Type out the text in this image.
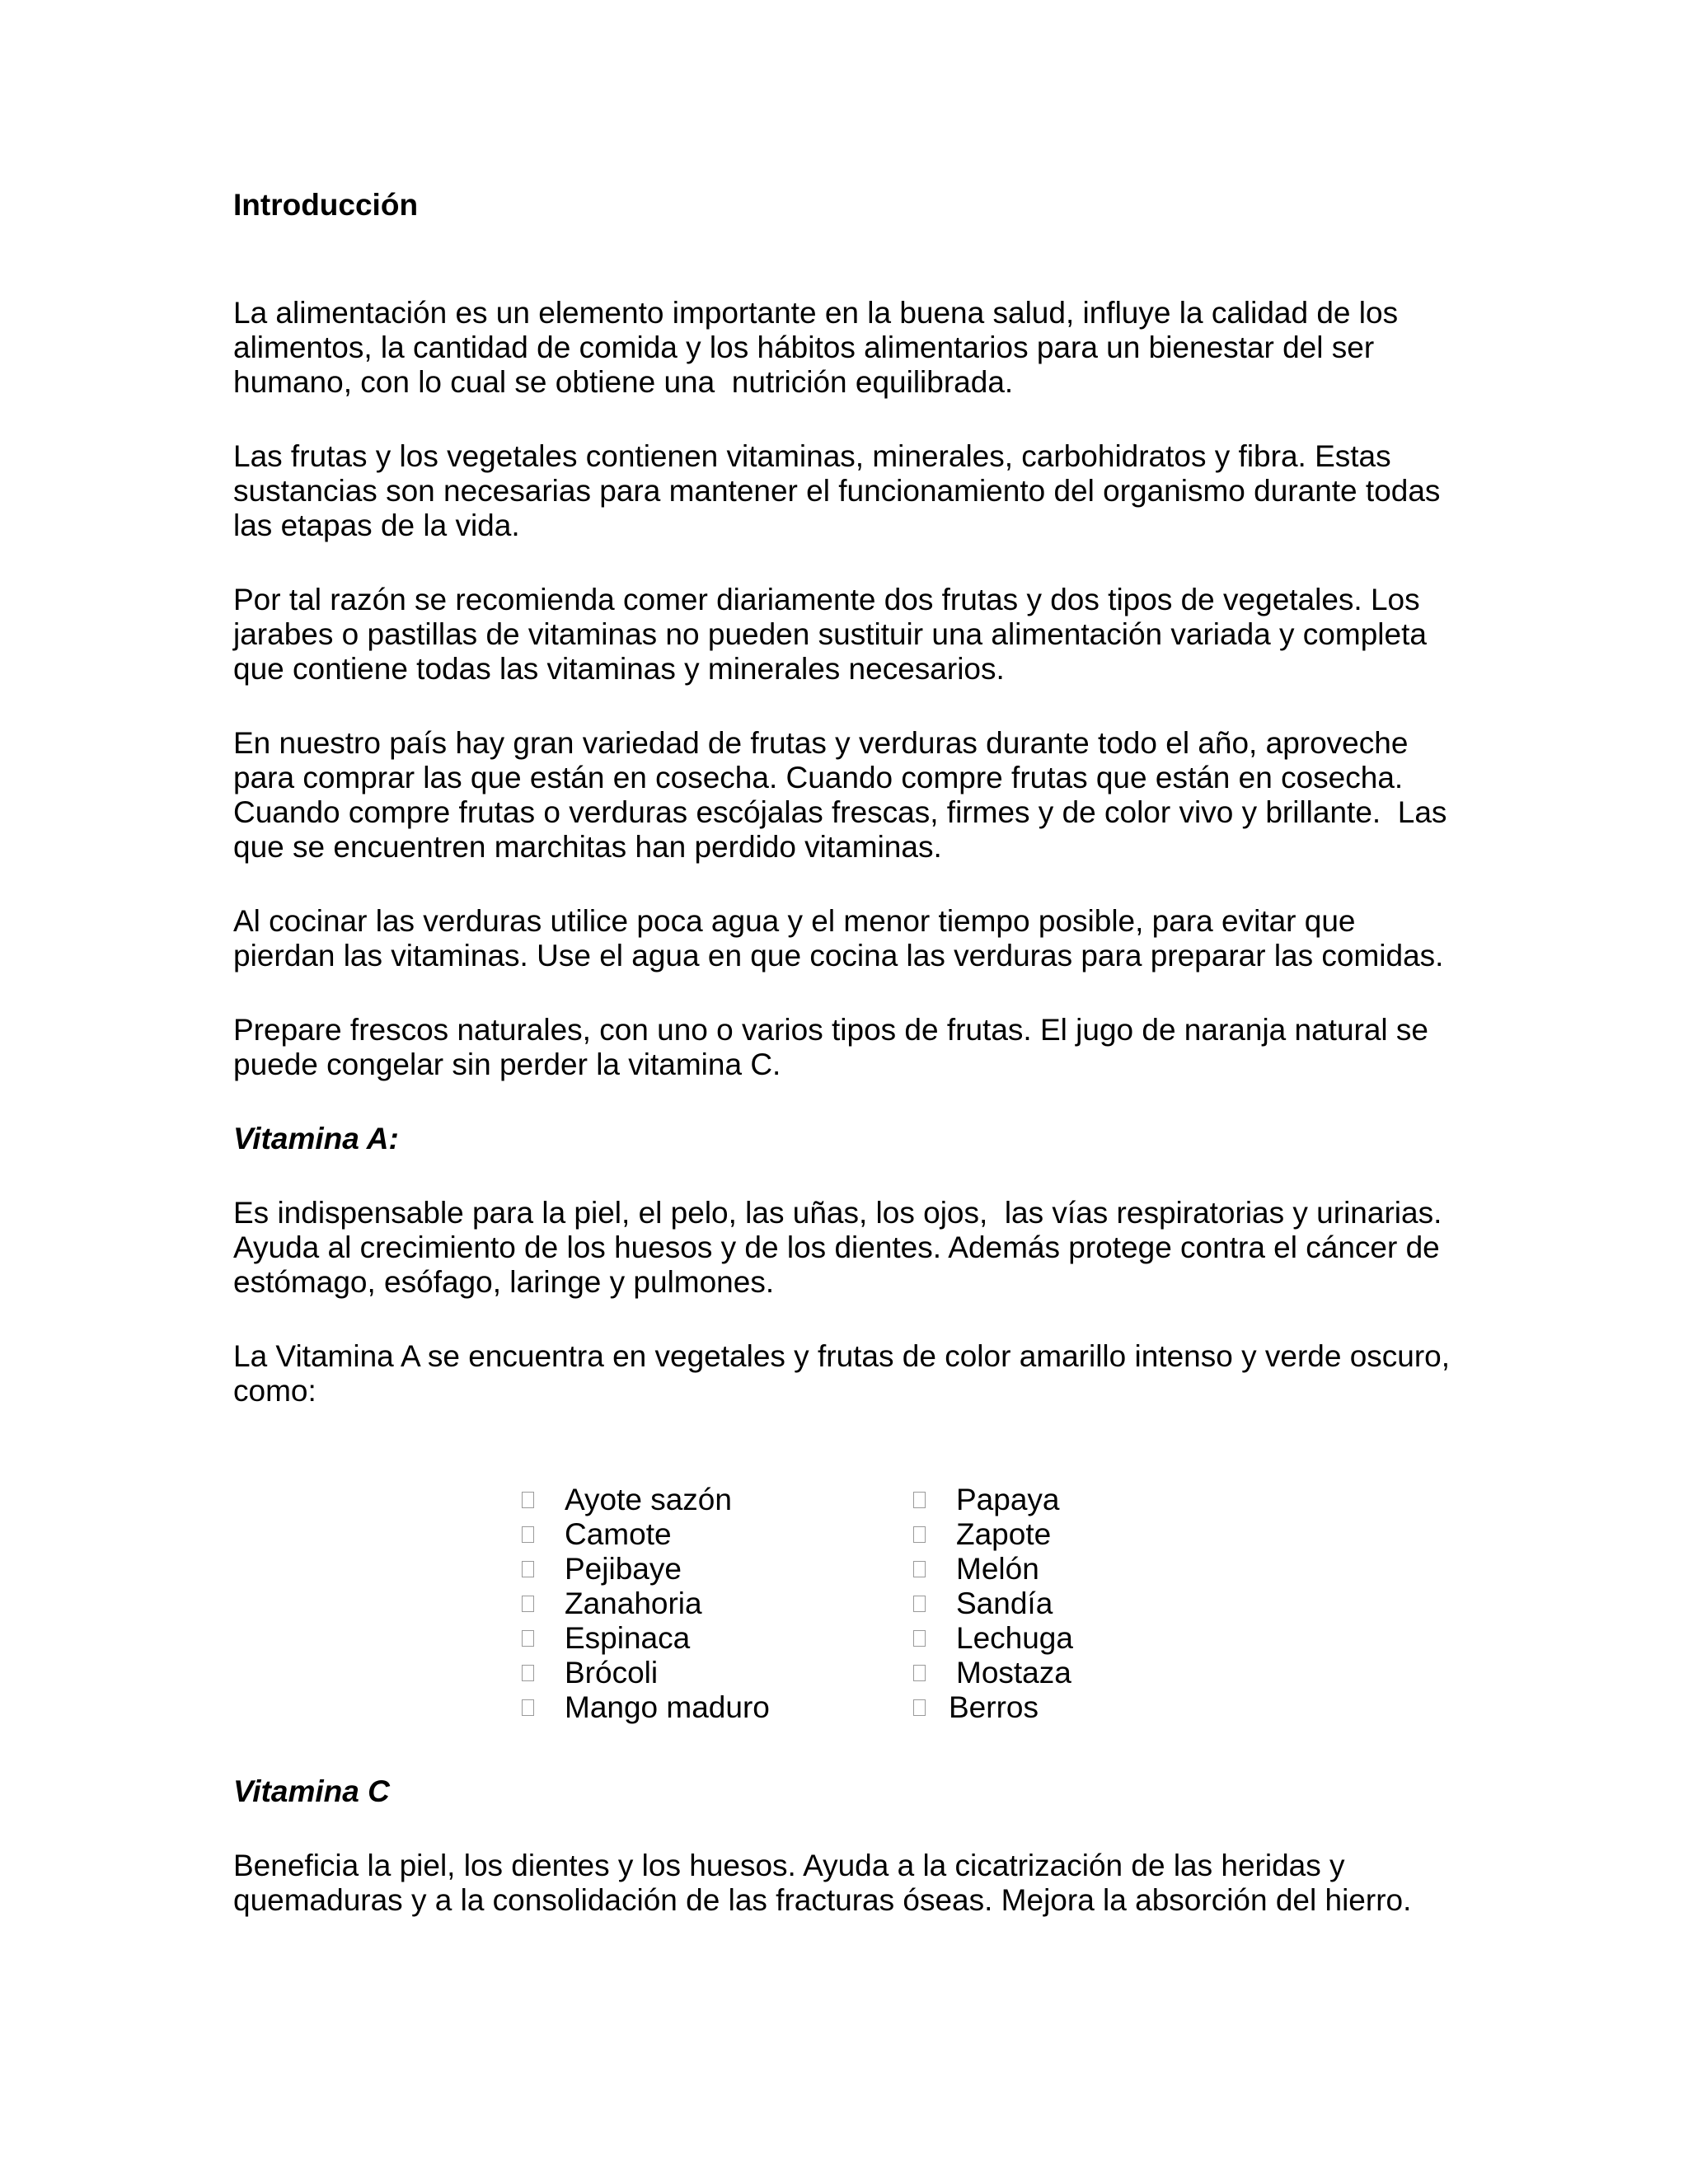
Introducción

La alimentación es un elemento importante en la buena salud, influye la calidad de los
alimentos, la cantidad de comida y los hábitos alimentarios para un bienestar del ser
humano, con lo cual se obtiene una  nutrición equilibrada.

Las frutas y los vegetales contienen vitaminas, minerales, carbohidratos y fibra. Estas
sustancias son necesarias para mantener el funcionamiento del organismo durante todas
las etapas de la vida.

Por tal razón se recomienda comer diariamente dos frutas y dos tipos de vegetales. Los
jarabes o pastillas de vitaminas no pueden sustituir una alimentación variada y completa
que contiene todas las vitaminas y minerales necesarios.

En nuestro país hay gran variedad de frutas y verduras durante todo el año, aproveche
para comprar las que están en cosecha. Cuando compre frutas que están en cosecha.
Cuando compre frutas o verduras escójalas frescas, firmes y de color vivo y brillante.  Las
que se encuentren marchitas han perdido vitaminas.

Al cocinar las verduras utilice poca agua y el menor tiempo posible, para evitar que
pierdan las vitaminas. Use el agua en que cocina las verduras para preparar las comidas.

Prepare frescos naturales, con uno o varios tipos de frutas. El jugo de naranja natural se
puede congelar sin perder la vitamina C.

Vitamina A:

Es indispensable para la piel, el pelo, las uñas, los ojos,  las vías respiratorias y urinarias.
Ayuda al crecimiento de los huesos y de los dientes. Además protege contra el cáncer de
estómago, esófago, laringe y pulmones.

La Vitamina A se encuentra en vegetales y frutas de color amarillo intenso y verde oscuro,
como:

Ayote sazón
Camote
Pejibaye
Zanahoria
Espinaca
Brócoli
Mango maduro
Papaya
Zapote
Melón
Sandía
Lechuga
Mostaza
Berros
Vitamina C

Beneficia la piel, los dientes y los huesos. Ayuda a la cicatrización de las heridas y
quemaduras y a la consolidación de las fracturas óseas. Mejora la absorción del hierro.
